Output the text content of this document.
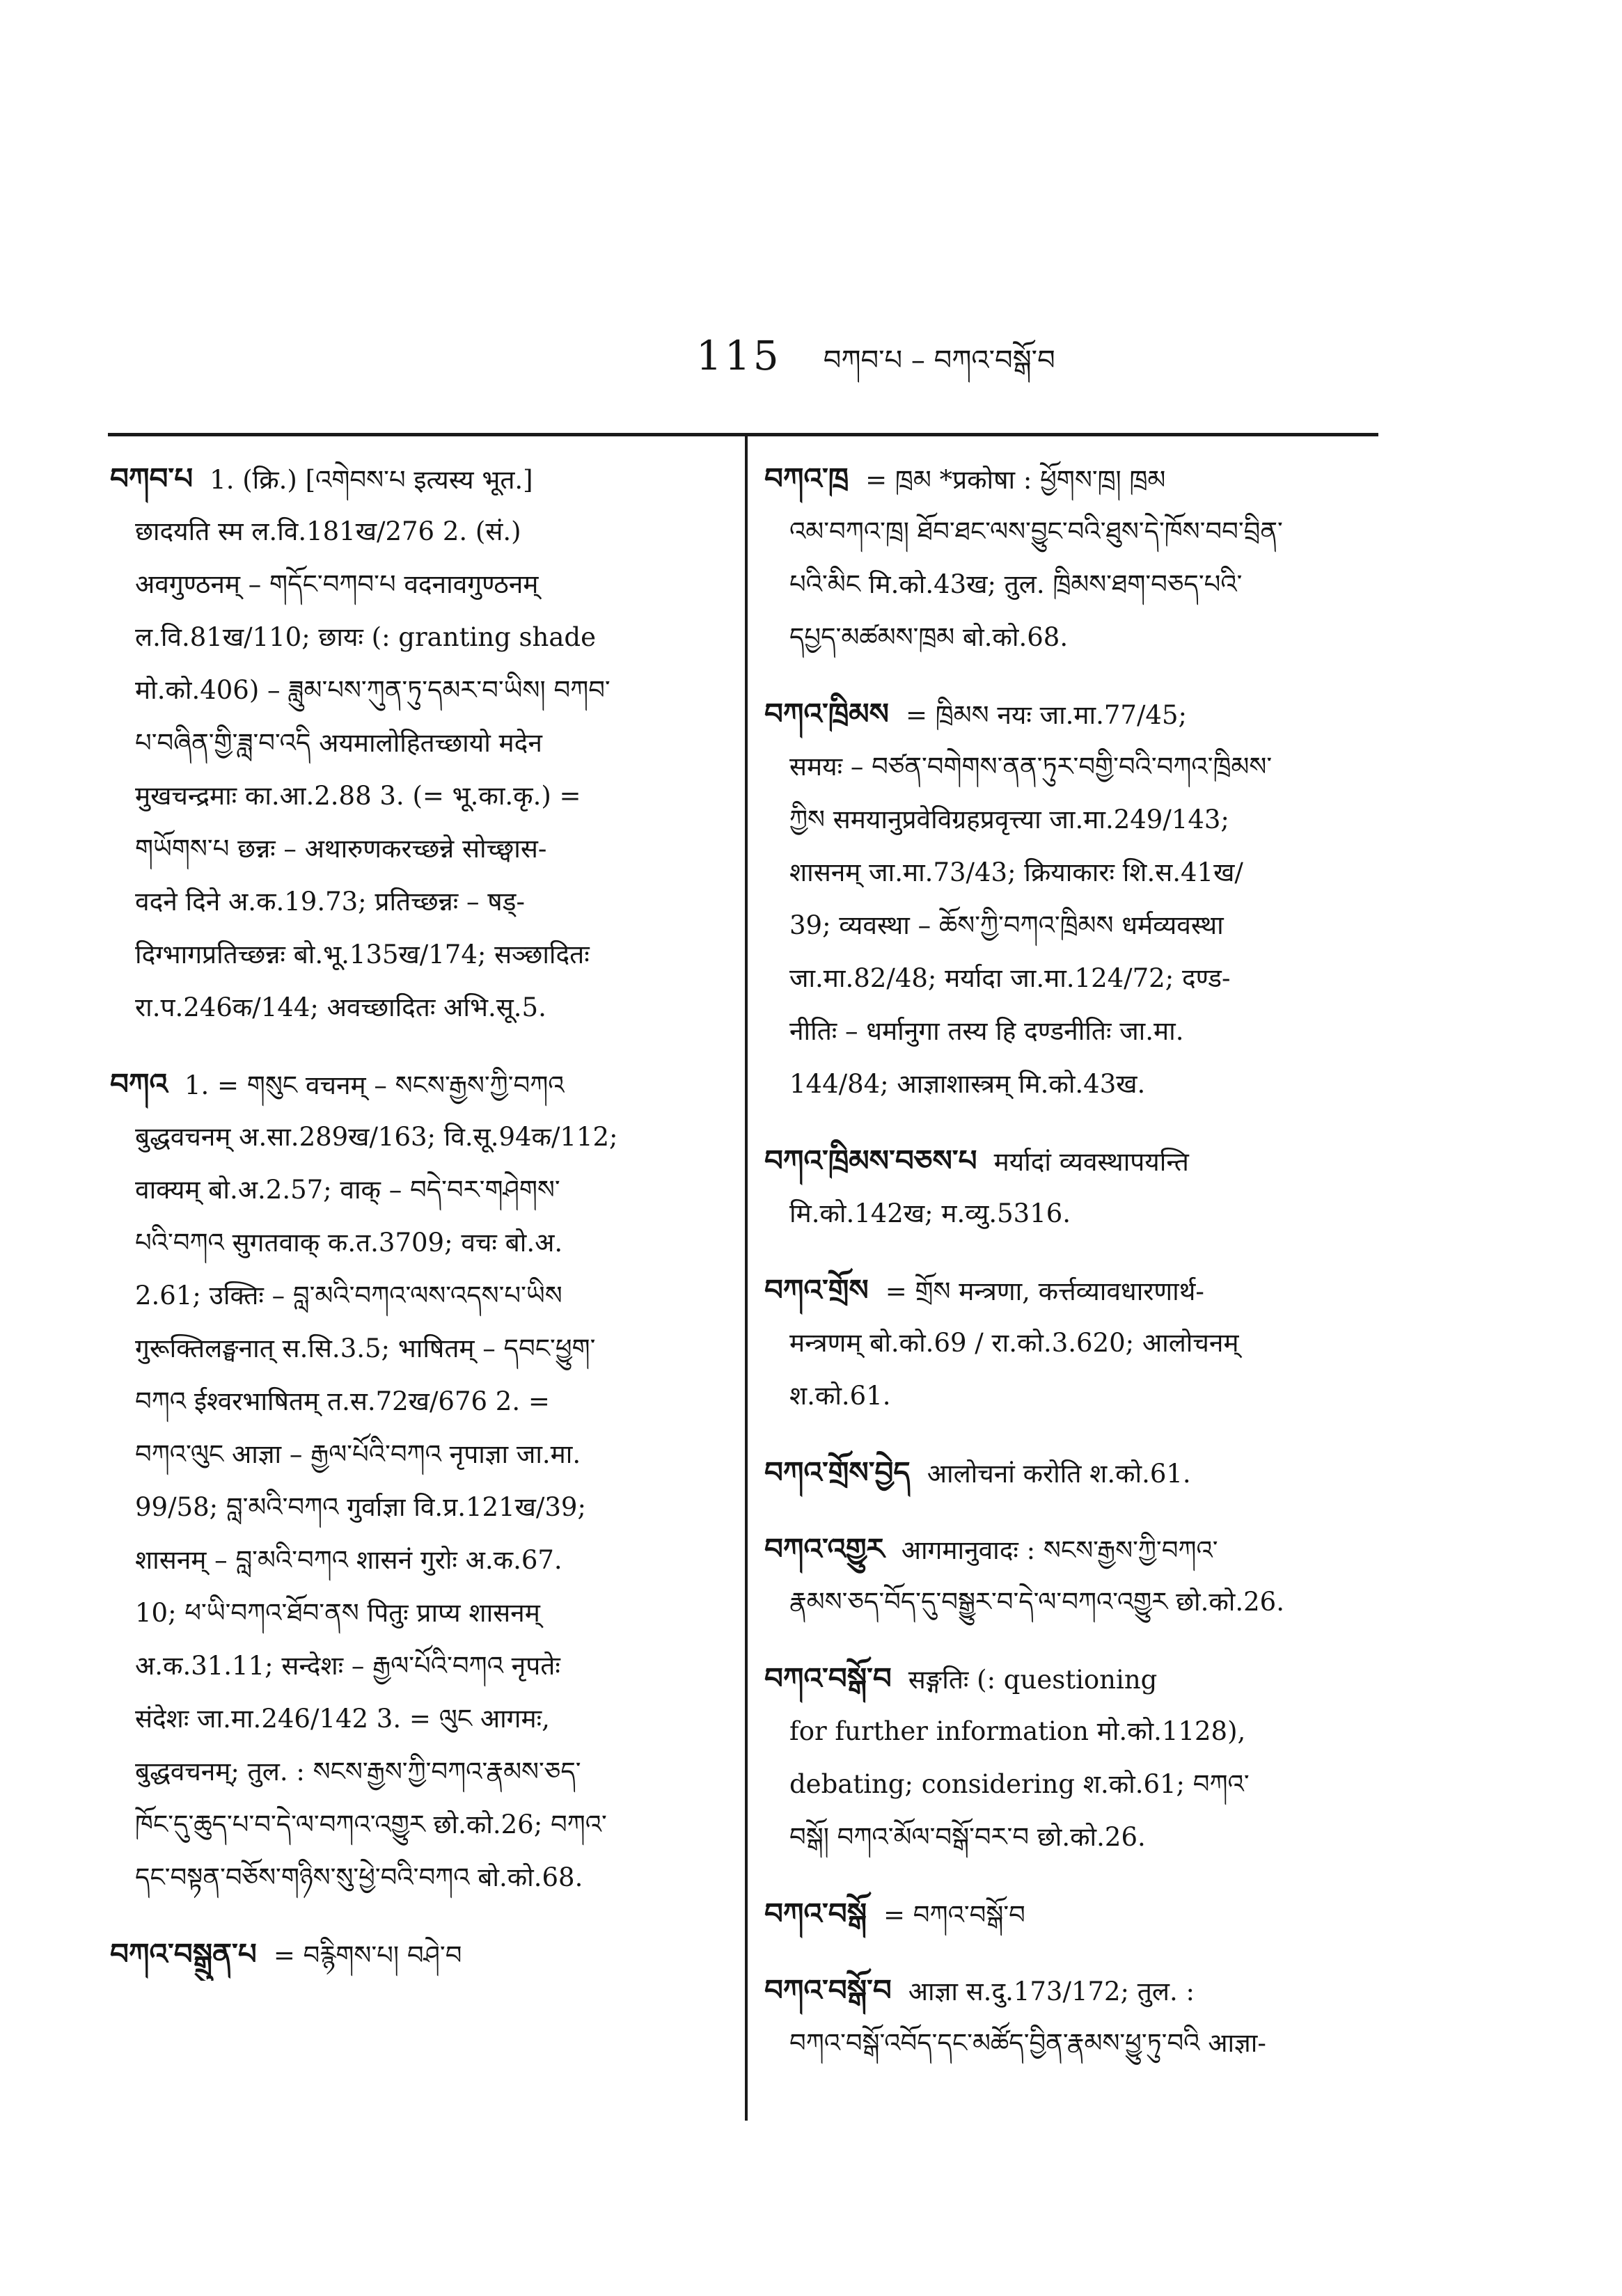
115 བཀབ་པ – བཀའ་བསྒོ་བ
བཀབ་པ 1. (क्रि.) [འགེབས་པ इत्यस्य भूत.]
छादयति स्म ल.वि.181ख/276 2. (सं.)
अवगुण्ठनम् – གདོང་བཀབ་པ वदनावगुण्ठनम्
ल.वि.81ख/110; छायः (: granting shade
मो.को.406) – ཟླུམ་པས་ཀུན་ཏུ་དམར་བ་ཡིས། བཀབ་
པ་བཞིན་གྱི་ཟླ་བ་འདི अयमालोहितच्छायो मदेन
मुखचन्द्रमाः का.आ.2.88 3. (= भू.का.कृ.) =
གཡོགས་པ छन्नः – अथारुणकरच्छन्ने सोच्छ्वास-
वदने दिने अ.क.19.73; प्रतिच्छन्नः – षड्-
दिग्भागप्रतिच्छन्नः बो.भू.135ख/174; सञ्छादितः
रा.प.246क/144; अवच्छादितः अभि.सू.5.
བཀའ 1. = གསུང वचनम् – སངས་རྒྱས་ཀྱི་བཀའ
बुद्धवचनम् अ.सा.289ख/163; वि.सू.94क/112;
वाक्यम् बो.अ.2.57; वाक् – བདེ་བར་གཤེགས་
པའི་བཀའ सुगतवाक् क.त.3709; वचः बो.अ.
2.61; उक्तिः – བླ་མའི་བཀའ་ལས་འདས་པ་ཡིས
गुरूक्तिलङ्घनात् स.सि.3.5; भाषितम् – དབང་ཕྱུག་
བཀའ ईश्वरभाषितम् त.स.72ख/676 2. =
བཀའ་ལུང आज्ञा – རྒྱལ་པོའི་བཀའ नृपाज्ञा जा.मा.
99/58; བླ་མའི་བཀའ गुर्वाज्ञा वि.प्र.121ख/39;
शासनम् – བླ་མའི་བཀའ शासनं गुरोः अ.क.67.
10; ཕ་ཡི་བཀའ་ཐོབ་ནས पितुः प्राप्य शासनम्
अ.क.31.11; सन्देशः – རྒྱལ་པོའི་བཀའ नृपतेः
संदेशः जा.मा.246/142 3. = ལུང आगमः,
बुद्धवचनम्; तुल. : སངས་རྒྱས་ཀྱི་བཀའ་རྣམས་ཅད་
ཁོང་དུ་ཆུད་པ་བ་དེ་ལ་བཀའ་འགྱུར छो.को.26; བཀའ་
དང་བསྟན་བཅོས་གཉིས་སུ་ཕྱེ་བའི་བཀའ बो.को.68.
བཀའ་བསྒྲུན་པ = བརྙིགས་པ། བཤེ་བ
བཀའ་ཁྲ = ཁྲམ *प्रकोषा : ཕྱོགས་ཁྲ། ཁྲམ
འམ་བཀའ་ཁྲ། ཐོབ་ཐང་ལས་བྱུང་བའི་ཐུས་དེ་ཁོས་བབ་བྲིན་
པའི་མིང मि.को.43ख; तुल. ཁྲིམས་ཐག་བཅད་པའི་
དཔྱད་མཚམས་ཁྲམ बो.को.68.
བཀའ་ཁྲིམས = ཁྲིམས नयः जा.मा.77/45;
समयः – བཙན་བགེགས་ནན་ཏུར་བགྱི་བའི་བཀའ་ཁྲིམས་
ཀྱིས समयानुप्रवेविग्रहप्रवृत्त्या जा.मा.249/143;
शासनम् जा.मा.73/43; क्रियाकारः शि.स.41ख/
39; व्यवस्था – ཆོས་ཀྱི་བཀའ་ཁྲིམས धर्मव्यवस्था
जा.मा.82/48; मर्यादा जा.मा.124/72; दण्ड-
नीतिः – धर्मानुगा तस्य हि दण्डनीतिः जा.मा.
144/84; आज्ञाशास्त्रम् मि.को.43ख.
བཀའ་ཁྲིམས་བཅས་པ मर्यादां व्यवस्थापयन्ति
मि.को.142ख; म.व्यु.5316.
བཀའ་གྲོས = གྲོས मन्त्रणा, कर्त्तव्यावधारणार्थ-
मन्त्रणम् बो.को.69 / रा.को.3.620; आलोचनम्
श.को.61.
བཀའ་གྲོས་བྱེད आलोचनां करोति श.को.61.
བཀའ་འགྱུར आगमानुवादः : སངས་རྒྱས་ཀྱི་བཀའ་
རྣམས་ཅད་བོད་དུ་བསྒྱུར་བ་དེ་ལ་བཀའ་འགྱུར छो.को.26.
བཀའ་བསྒོ་བ सङ्गतिः (: questioning
for further information मो.को.1128),
debating; considering श.को.61; བཀའ་
བསྒོ། བཀའ་མོལ་བསྒོ་བར་བ छो.को.26.
བཀའ་བསྒོ = བཀའ་བསྒོ་བ
བཀའ་བསྒོ་བ आज्ञा स.दु.173/172; तुल. :
བཀའ་བསྒོ་འབོད་དང་མཚོད་བྱིན་རྣམས་ཕྱུ་ཏུ་བའི आज्ञा-
